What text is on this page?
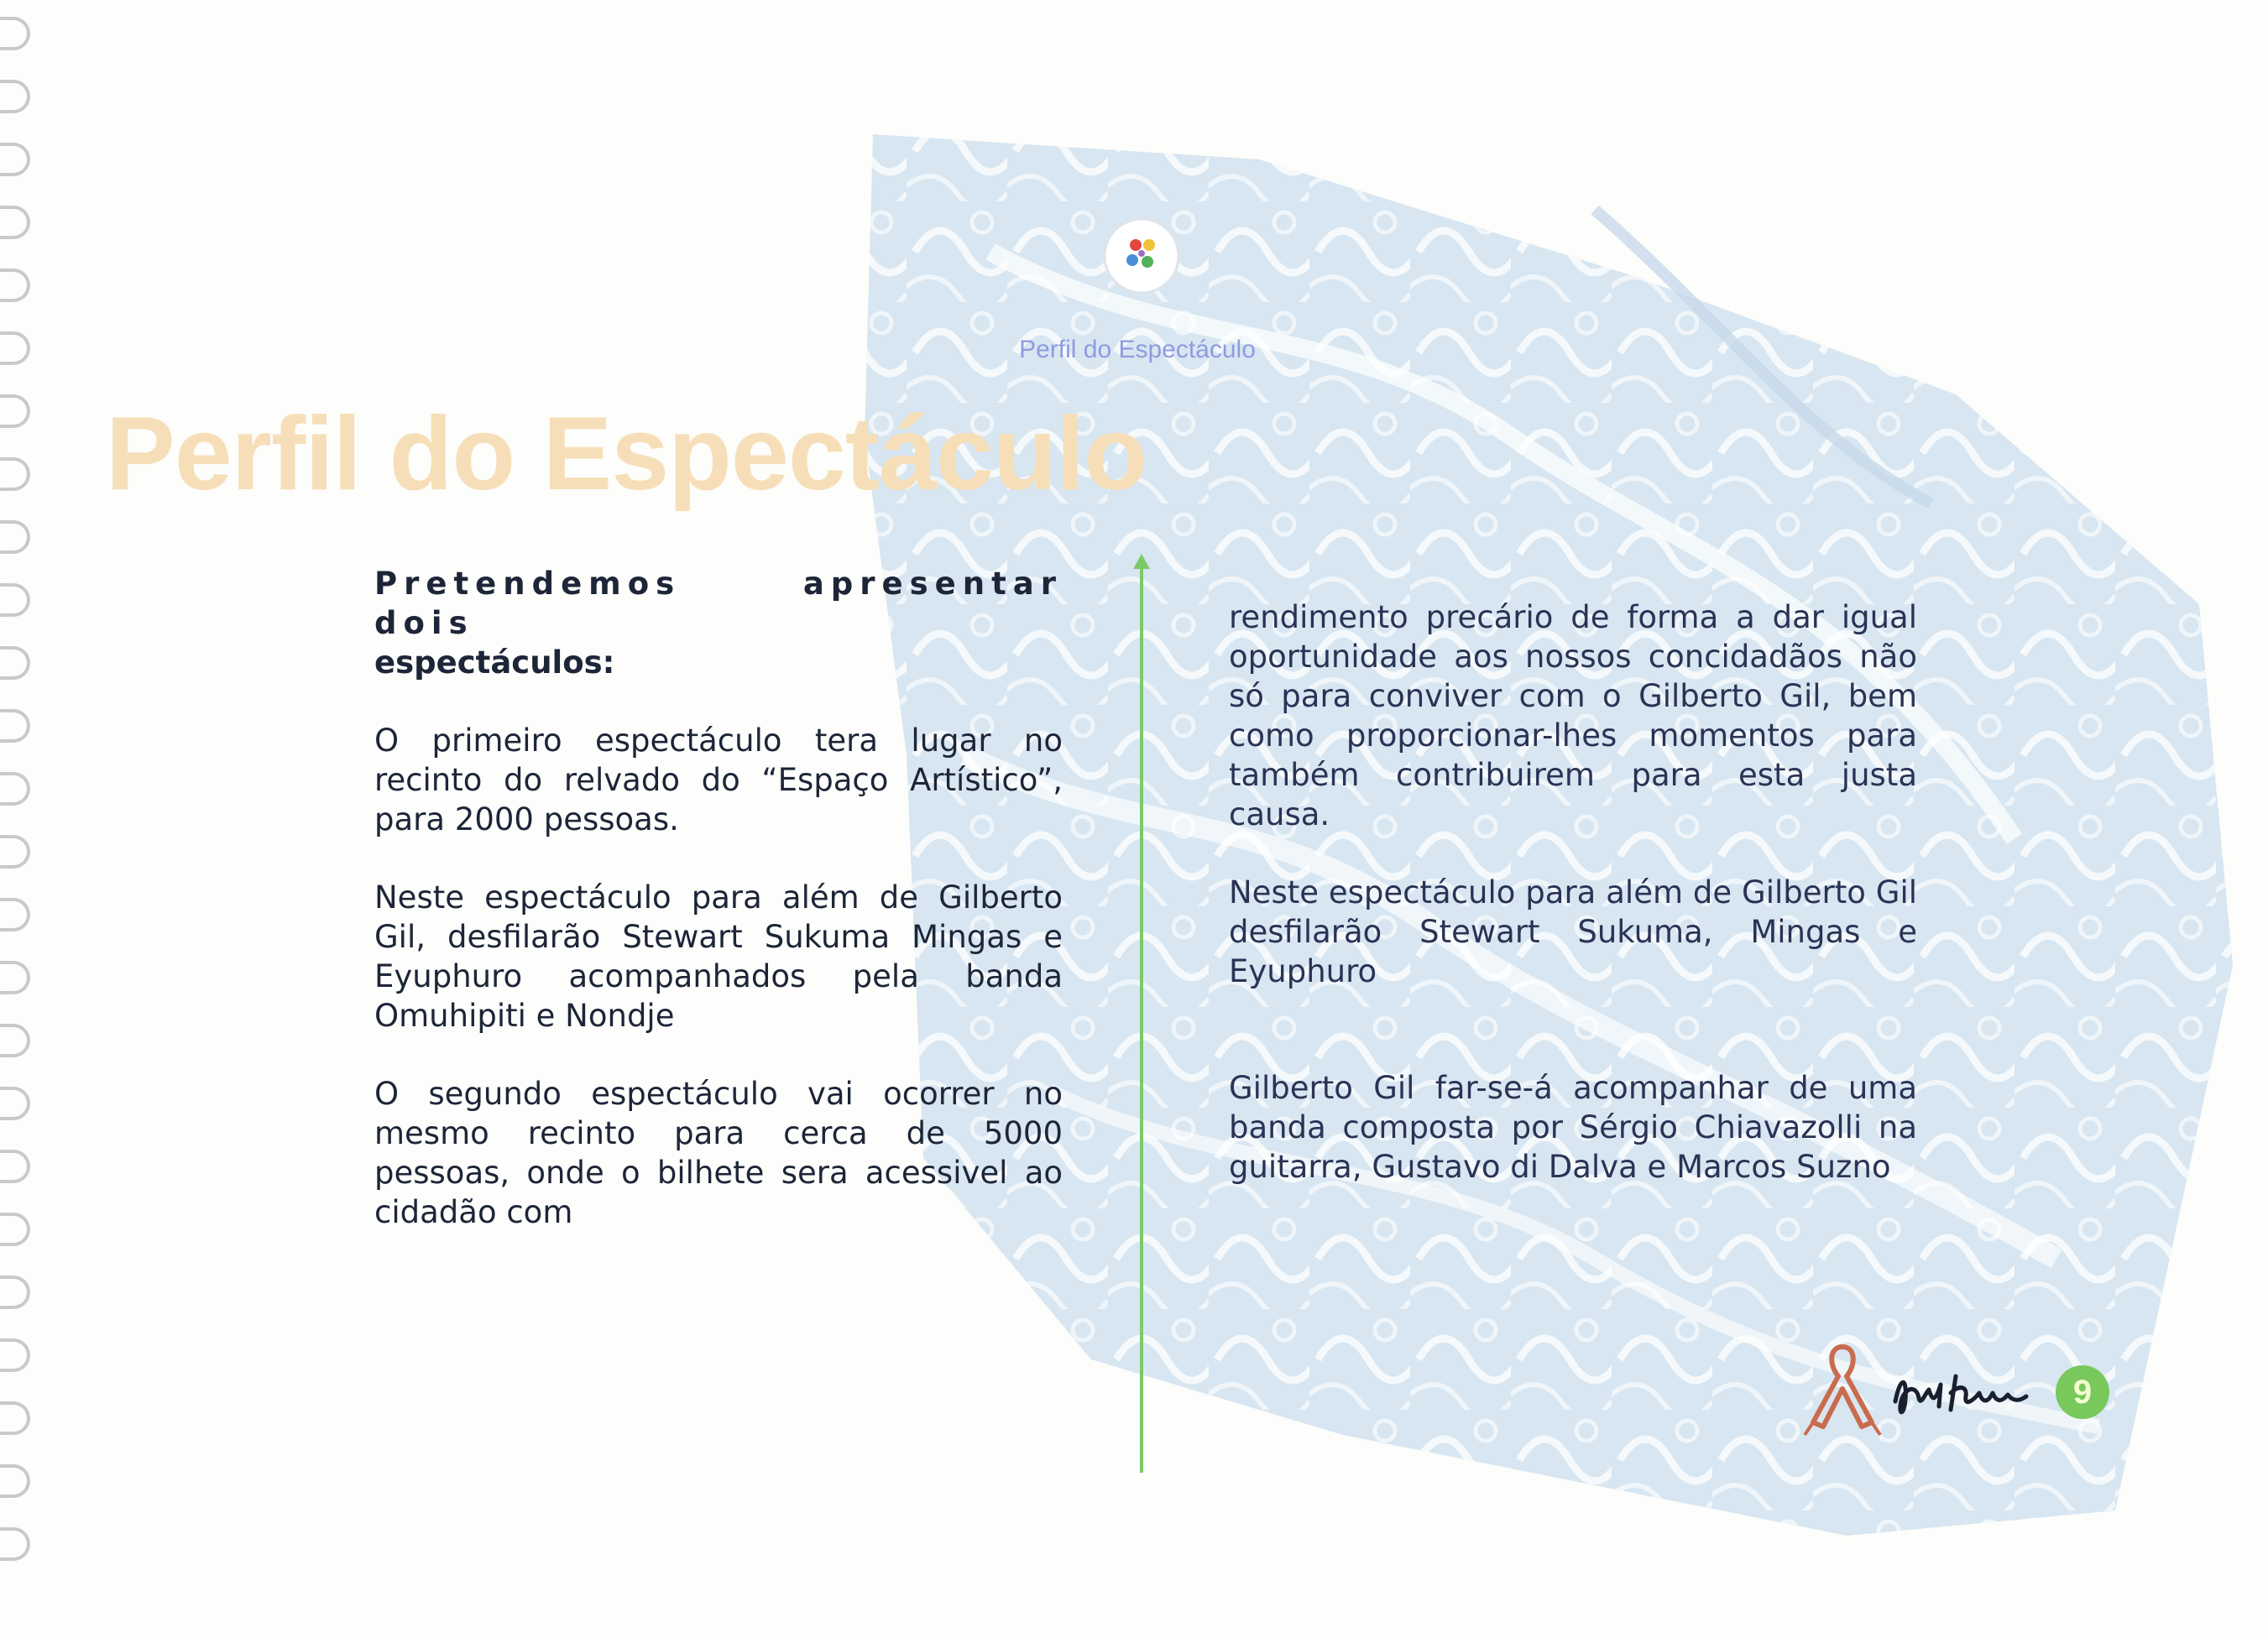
Perfil do Espectáculo
Perfil do Espectáculo

Pretendemos apresentar dois

espectáculos:

O primeiro espectáculo tera lugar no recinto do relvado do “Espaço Artístico”, para 2000 pessoas.

Neste espectáculo para além de Gilberto Gil, desfilarão Stewart Sukuma Mingas e Eyuphuro acompanhados pela banda Omuhipiti e Nondje

O segundo espectáculo vai ocorrer no mesmo recinto para cerca de 5000 pessoas, onde o bilhete sera acessivel ao cidadão com

rendimento precário de forma a dar igual oportunidade aos nossos concidadãos não só para conviver com o Gilberto Gil, bem como proporcionar-lhes momentos para também contribuirem para esta justa causa.

Neste espectáculo para além de Gilberto Gil desfilarão Stewart Sukuma, Mingas e Eyuphuro

Gilberto Gil far-se-á acompanhar de uma banda composta por Sérgio Chiavazolli na guitarra, Gustavo di Dalva e Marcos Suzno

9
